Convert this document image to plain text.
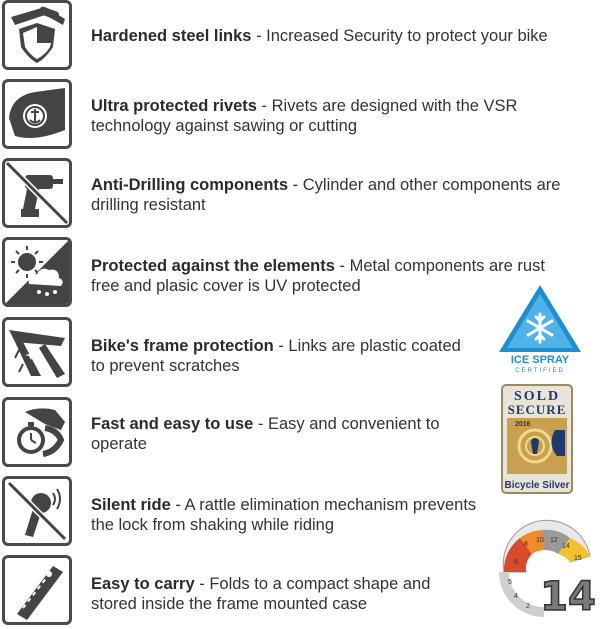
Hardened steel links - Increased Security to protect your bike
Ultra protected rivets - Rivets are designed with the VSR technology against sawing or cutting
Anti-Drilling components - Cylinder and other components are drilling resistant
Protected against the elements - Metal components are rust free and plasic cover is UV protected
Bike's frame protection - Links are plastic coated to prevent scratches
Fast and easy to use - Easy and convenient to operate
Silent ride - A rattle elimination mechanism prevents the lock from shaking while riding
Easy to carry - Folds to a compact shape and stored inside the frame mounted case
ICE SPRAY
CERTIFIED
SOLD
SECURE
2016
Bicycle Silver
6
8
10 12
14
15
5
4
2 14
